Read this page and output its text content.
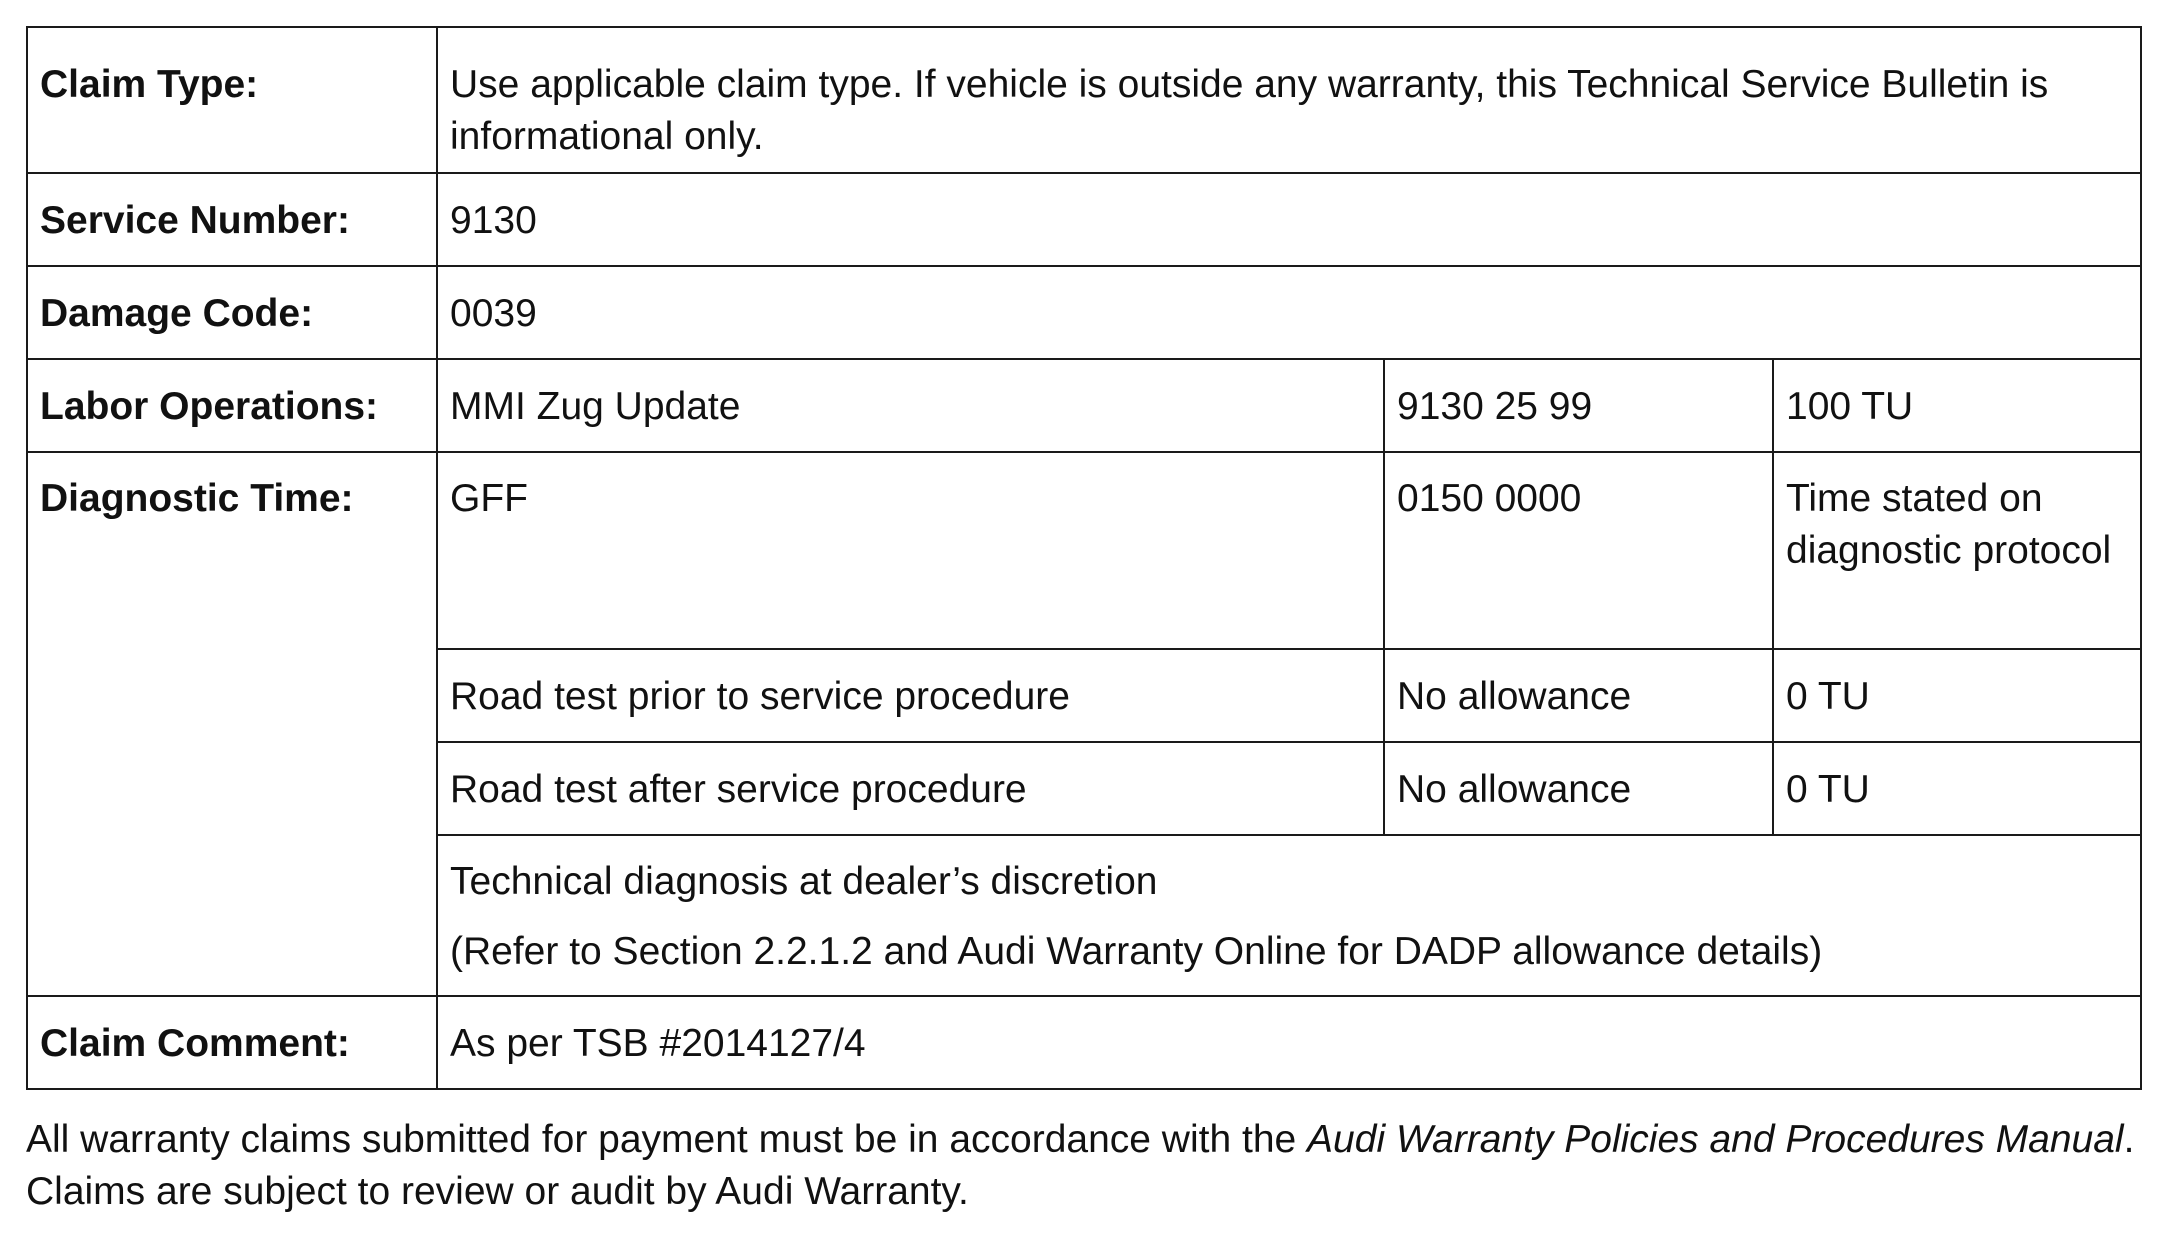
Claim Type:	Use applicable claim type. If vehicle is outside any warranty, this Technical Service Bulletin is informational only.		
Service Number:	9130		
Damage Code:	0039		
Labor Operations:	MMI Zug Update	9130 25 99	100 TU
Diagnostic Time:	GFF	0150 0000	Time stated on diagnostic protocol
	Road test prior to service procedure	No allowance	0 TU
	Road test after service procedure	No allowance	0 TU

	Technical diagnosis at dealer’s discretion
(Refer to Section 2.2.1.2 and Audi Warranty Online for DADP allowance details)		

Claim Comment:	As per TSB #2014127/4		

All warranty claims submitted for payment must be in accordance with the Audi Warranty Policies and Procedures Manual. Claims are subject to review or audit by Audi Warranty.
